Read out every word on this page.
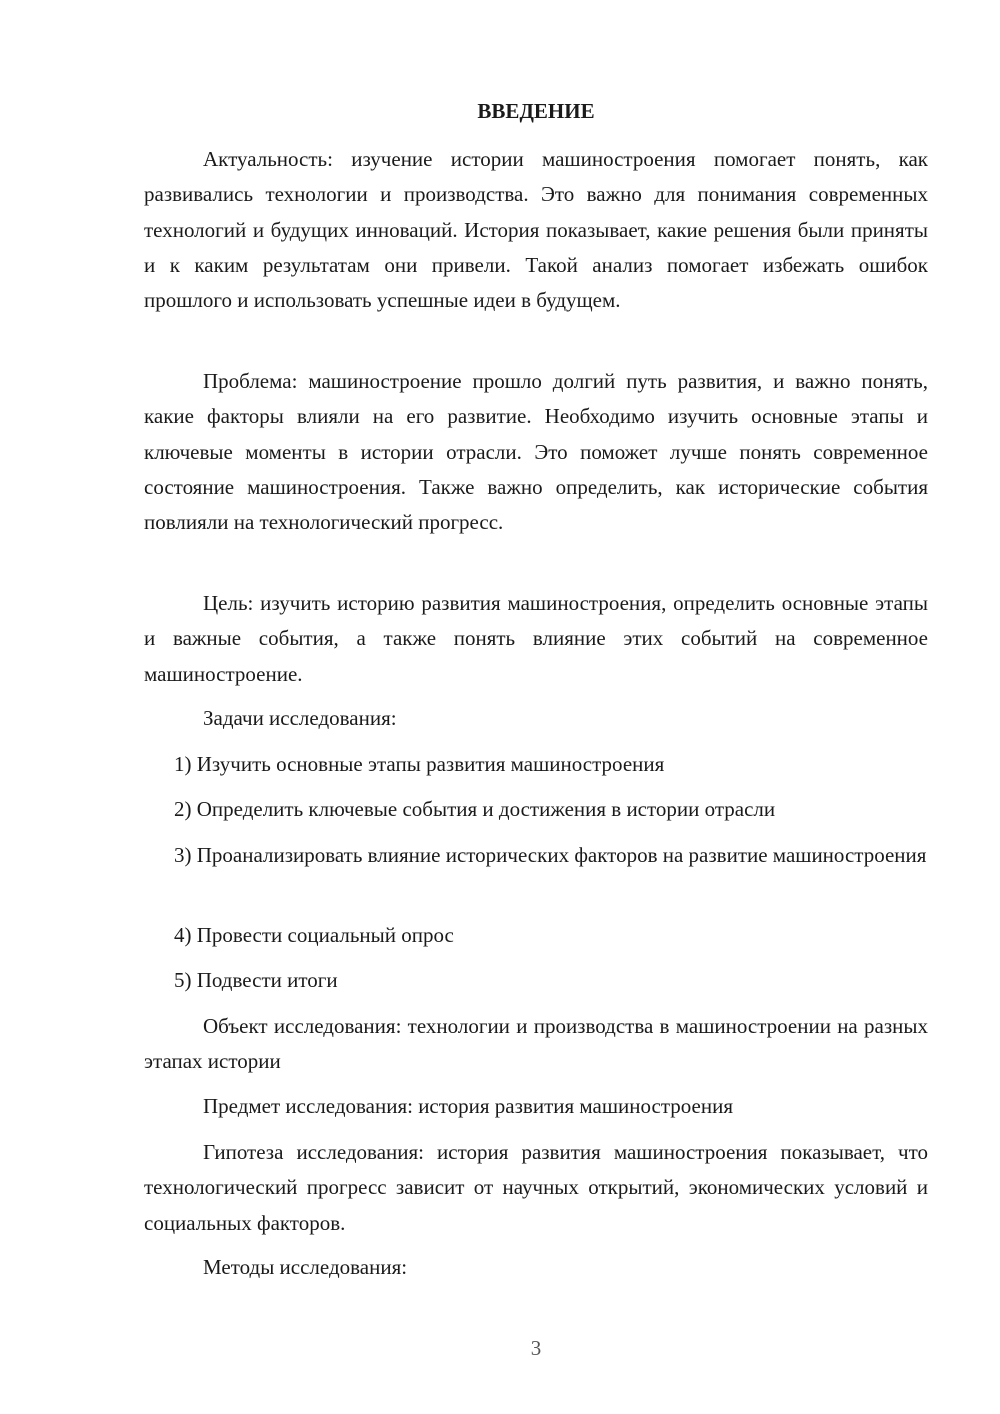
ВВЕДЕНИЕ

Актуальность: изучение истории машиностроения помогает понять, как развивались технологии и производства. Это важно для понимания современных технологий и будущих инноваций. История показывает, какие решения были приняты и к каким результатам они привели. Такой анализ помогает избежать ошибок прошлого и использовать успешные идеи в будущем.

Проблема: машиностроение прошло долгий путь развития, и важно понять, какие факторы влияли на его развитие. Необходимо изучить основные этапы и ключевые моменты в истории отрасли. Это поможет лучше понять современное состояние машиностроения. Также важно определить, как исторические события повлияли на технологический прогресс.

Цель: изучить историю развития машиностроения, определить основные этапы и важные события, а также понять влияние этих событий на современное машиностроение.

Задачи исследования:

1) Изучить основные этапы развития машиностроения

2) Определить ключевые события и достижения в истории отрасли

3) Проанализировать влияние исторических факторов на развитие машиностроения

4) Провести социальный опрос

5) Подвести итоги

Объект исследования: технологии и производства в машиностроении на разных этапах истории

Предмет исследования: история развития машиностроения

Гипотеза исследования: история развития машиностроения показывает, что технологический прогресс зависит от научных открытий, экономических условий и социальных факторов.

Методы исследования:

3
